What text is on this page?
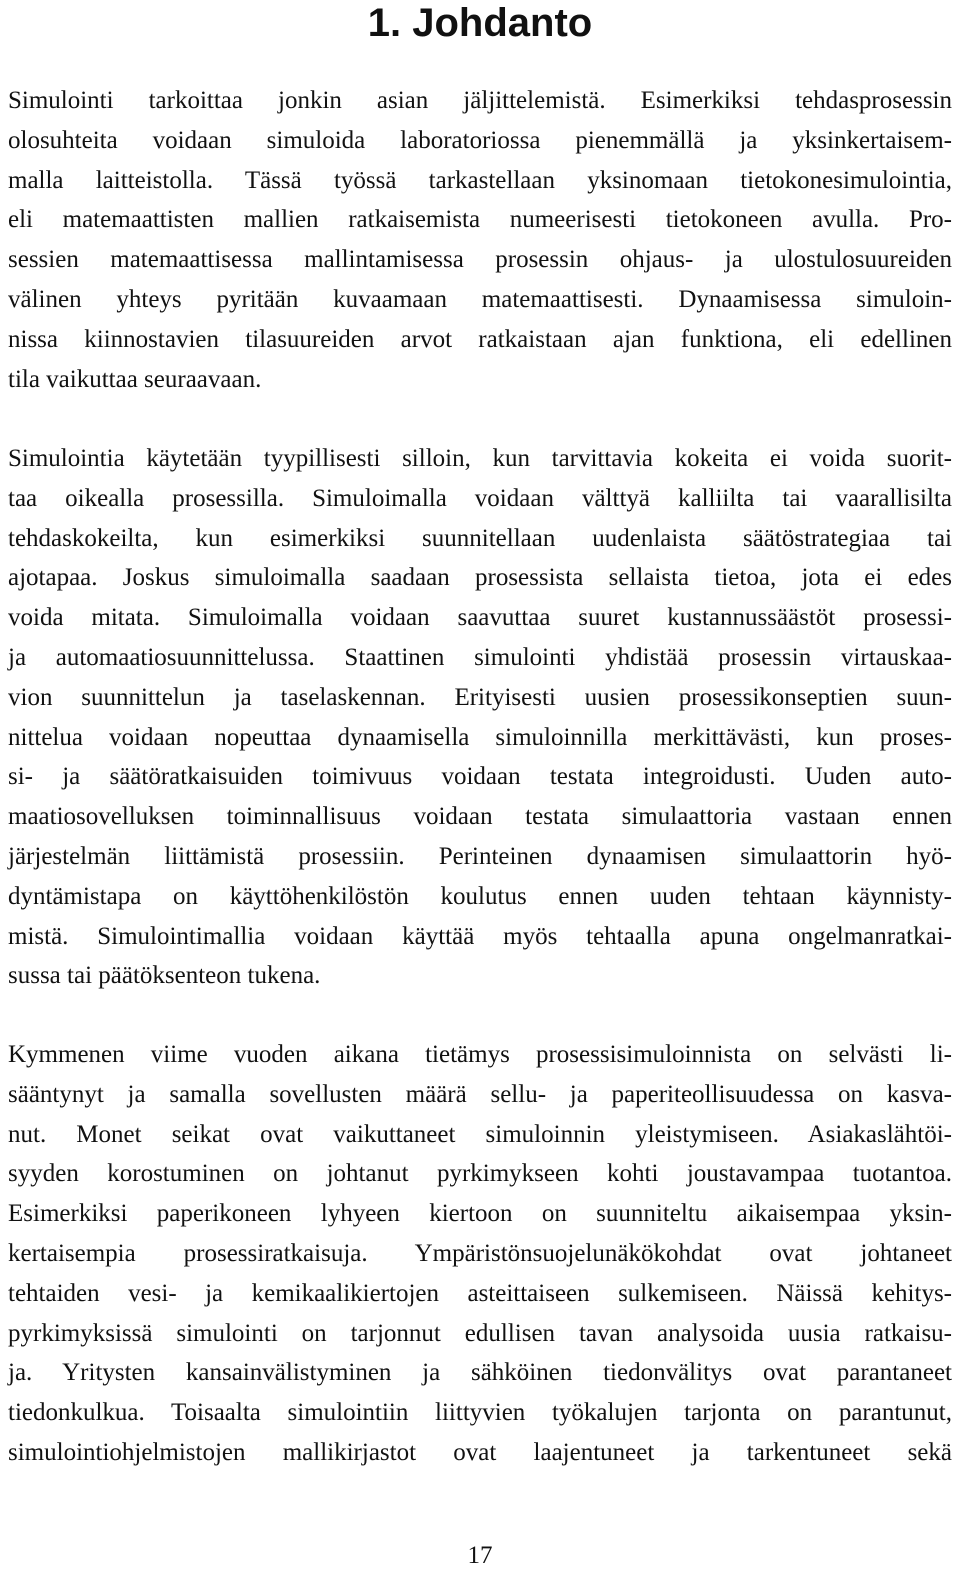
1. Johdanto
Simulointi tarkoittaa jonkin asian jäljittelemistä. Esimerkiksi tehdasprosessin
olosuhteita voidaan simuloida laboratoriossa pienemmällä ja yksinkertaisem-
malla laitteistolla. Tässä työssä tarkastellaan yksinomaan tietokonesimulointia,
eli matemaattisten mallien ratkaisemista numeerisesti tietokoneen avulla. Pro-
sessien matemaattisessa mallintamisessa prosessin ohjaus- ja ulostulosuureiden
välinen yhteys pyritään kuvaamaan matemaattisesti. Dynaamisessa simuloin-
nissa kiinnostavien tilasuureiden arvot ratkaistaan ajan funktiona, eli edellinen
tila vaikuttaa seuraavaan.
Simulointia käytetään tyypillisesti silloin, kun tarvittavia kokeita ei voida suorit-
taa oikealla prosessilla. Simuloimalla voidaan välttyä kalliilta tai vaarallisilta
tehdaskokeilta, kun esimerkiksi suunnitellaan uudenlaista säätöstrategiaa tai
ajotapaa. Joskus simuloimalla saadaan prosessista sellaista tietoa, jota ei edes
voida mitata. Simuloimalla voidaan saavuttaa suuret kustannussäästöt prosessi-
ja automaatiosuunnittelussa. Staattinen simulointi yhdistää prosessin virtauskaa-
vion suunnittelun ja taselaskennan. Erityisesti uusien prosessikonseptien suun-
nittelua voidaan nopeuttaa dynaamisella simuloinnilla merkittävästi, kun proses-
si- ja säätöratkaisuiden toimivuus voidaan testata integroidusti. Uuden auto-
maatiosovelluksen toiminnallisuus voidaan testata simulaattoria vastaan ennen
järjestelmän liittämistä prosessiin. Perinteinen dynaamisen simulaattorin hyö-
dyntämistapa on käyttöhenkilöstön koulutus ennen uuden tehtaan käynnisty-
mistä. Simulointimallia voidaan käyttää myös tehtaalla apuna ongelmanratkai-
sussa tai päätöksenteon tukena.
Kymmenen viime vuoden aikana tietämys prosessisimuloinnista on selvästi li-
sääntynyt ja samalla sovellusten määrä sellu- ja paperiteollisuudessa on kasva-
nut. Monet seikat ovat vaikuttaneet simuloinnin yleistymiseen. Asiakaslähtöi-
syyden korostuminen on johtanut pyrkimykseen kohti joustavampaa tuotantoa.
Esimerkiksi paperikoneen lyhyeen kiertoon on suunniteltu aikaisempaa yksin-
kertaisempia prosessiratkaisuja. Ympäristönsuojelunäkökohdat ovat johtaneet
tehtaiden vesi- ja kemikaalikiertojen asteittaiseen sulkemiseen. Näissä kehitys-
pyrkimyksissä simulointi on tarjonnut edullisen tavan analysoida uusia ratkaisu-
ja. Yritysten kansainvälistyminen ja sähköinen tiedonvälitys ovat parantaneet
tiedonkulkua. Toisaalta simulointiin liittyvien työkalujen tarjonta on parantunut,
simulointiohjelmistojen mallikirjastot ovat laajentuneet ja tarkentuneet sekä
17
